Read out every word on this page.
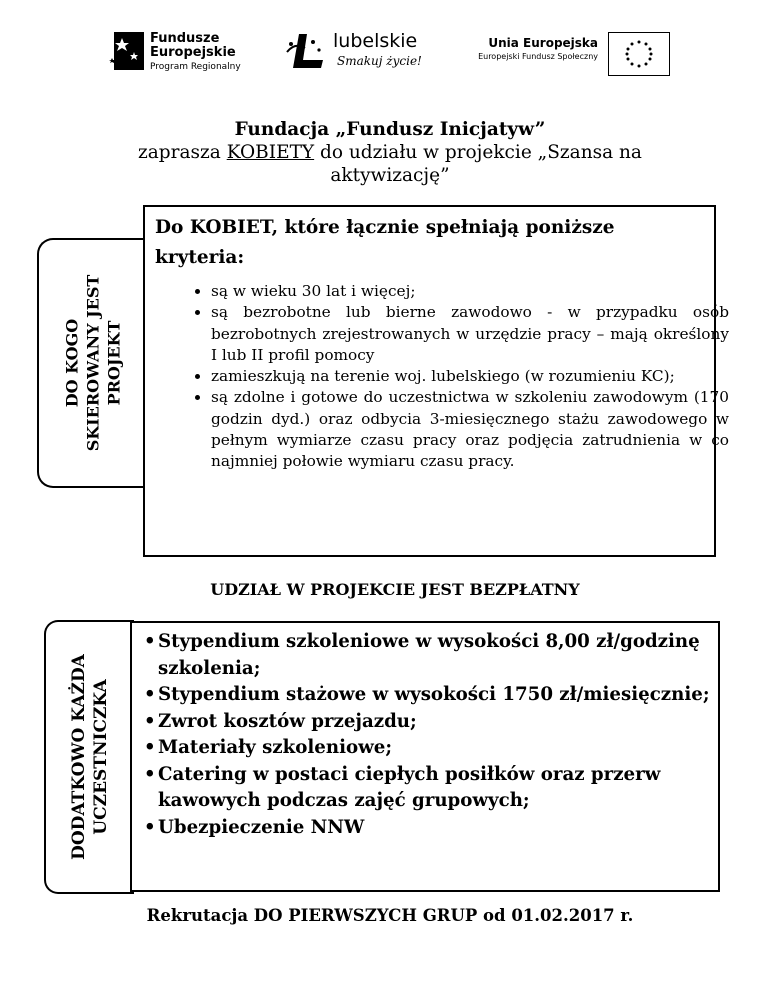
Fundusze
Europejskie
Program Regionalny
lubelskie
Smakuj życie!
Unia Europejska
Europejski Fundusz Społeczny
Fundacja „Fundusz Inicjatyw”
zaprasza KOBIETY do udziału w projekcie „Szansa na aktywizację”
DO KOGO SKIEROWANY JEST PROJEKT
Do KOBIET, które łącznie spełniają poniższe kryteria:
• są w wieku 30 lat i więcej;
• są bezrobotne lub bierne zawodowo - w przypadku osób bezrobotnych zrejestrowanych w urzędzie pracy – mają określony I lub II profil pomocy
• zamieszkują na terenie woj. lubelskiego (w rozumieniu KC);
• są zdolne i gotowe do uczestnictwa w szkoleniu zawodowym (170 godzin dyd.) oraz odbycia 3-miesięcznego stażu zawodowego w pełnym wymiarze czasu pracy oraz podjęcia zatrudnienia w co najmniej połowie wymiaru czasu pracy.
UDZIAŁ W PROJEKCIE JEST BEZPŁATNY
DODATKOWO KAŻDA UCZESTNICZKA
• Stypendium szkoleniowe w wysokości 8,00 zł/godzinę szkolenia;
• Stypendium stażowe w wysokości 1750 zł/miesięcznie;
• Zwrot kosztów przejazdu;
• Materiały szkoleniowe;
• Catering w postaci ciepłych posiłków oraz przerw kawowych podczas zajęć grupowych;
• Ubezpieczenie NNW
Rekrutacja DO PIERWSZYCH GRUP od 01.02.2017 r.
